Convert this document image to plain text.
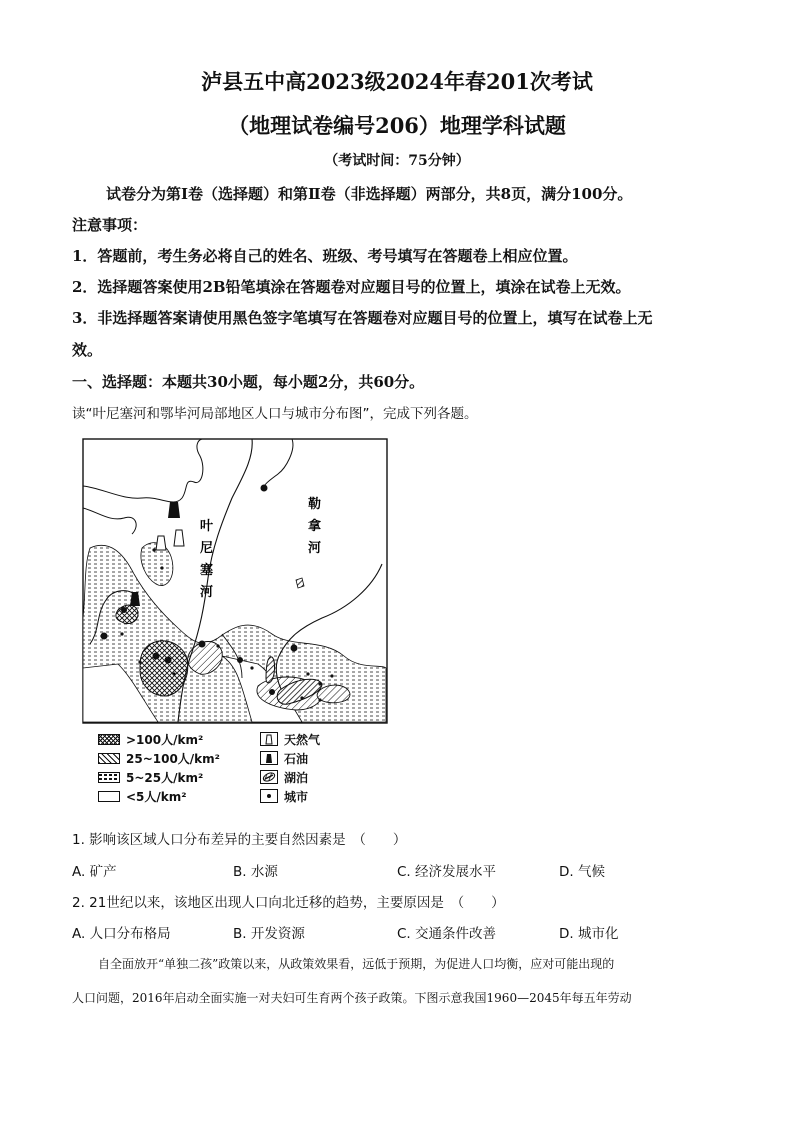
泸县五中高2023级2024年春201次考试
（地理试卷编号206）地理学科试题
（考试时间：75分钟）
试卷分为第Ⅰ卷（选择题）和第Ⅱ卷（非选择题）两部分，共8页，满分100分。
注意事项：
1．答题前，考生务必将自己的姓名、班级、考号填写在答题卷上相应位置。
2．选择题答案使用2B铅笔填涂在答题卷对应题目号的位置上，填涂在试卷上无效。
3．非选择题答案请使用黑色签字笔填写在答题卷对应题目号的位置上，填写在试卷上无
效。
一、选择题：本题共30小题，每小题2分，共60分。
读“叶尼塞河和鄂毕河局部地区人口与城市分布图”，完成下列各题。
叶
尼
塞
河
勒
拿
河
>100人/km²
25~100人/km²
5~25人/km²
<5人/km²
天然气
石油
湖泊
城市
1. 影响该区域人口分布差异的主要自然因素是　（　　）
A. 矿产	B. 水源	C. 经济发展水平	D. 气候
2. 21世纪以来，该地区出现人口向北迁移的趋势，主要原因是　（　　）
A. 人口分布格局	B. 开发资源	C. 交通条件改善	D. 城市化
自全面放开“单独二孩”政策以来，从政策效果看，远低于预期，为促进人口均衡，应对可能出现的
人口问题，2016年启动全面实施一对夫妇可生育两个孩子政策。下图示意我国1960—2045年每五年劳动
